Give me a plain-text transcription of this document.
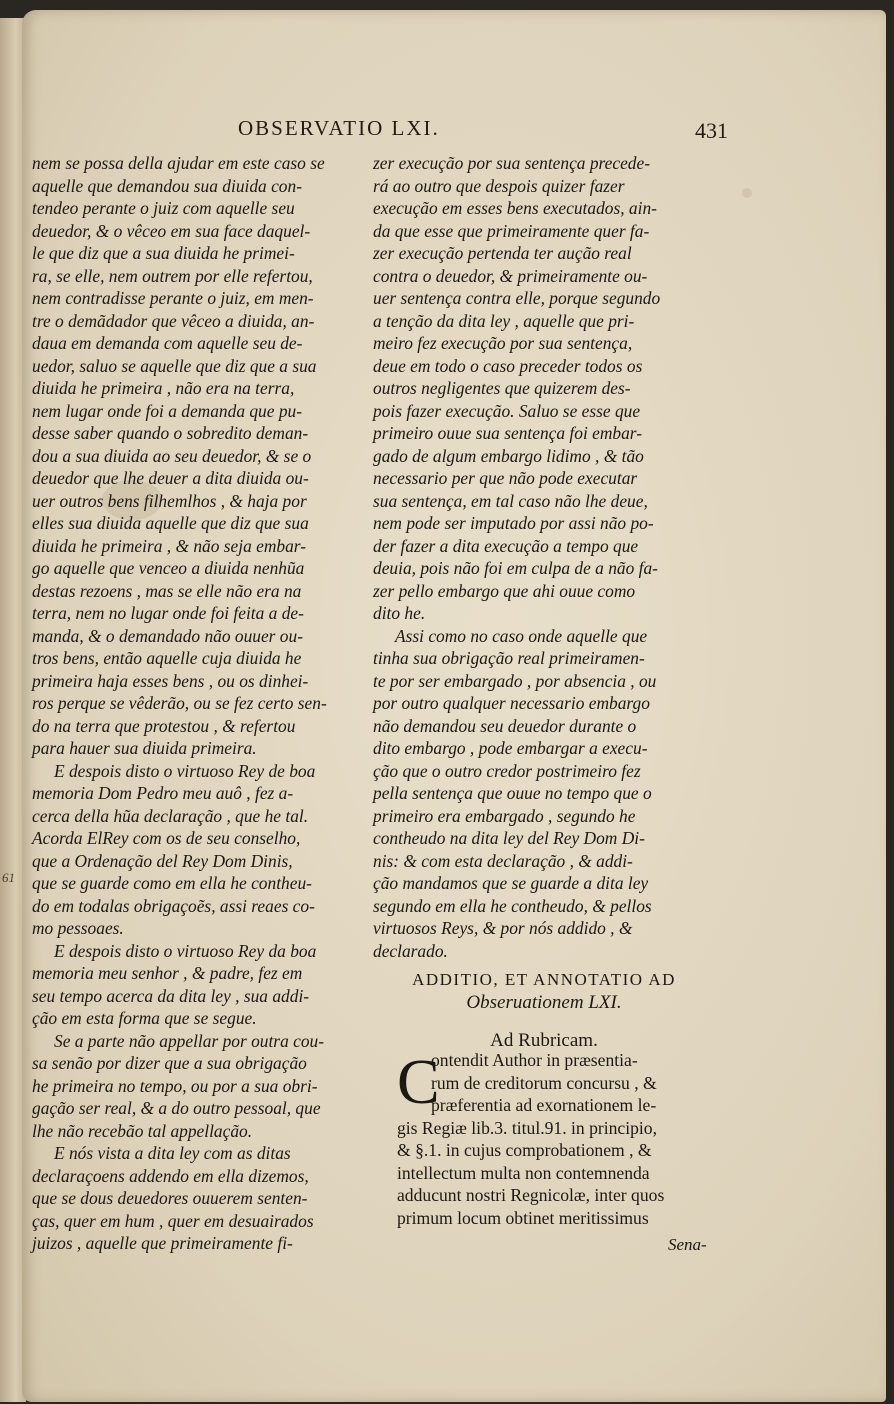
61
OBSERVATIO LXI.	431
nem se possa della ajudar em este caso se
aquelle que demandou sua diuida con-
tendeo perante o juiz com aquelle seu
deuedor, & o vêceo em sua face daquel-
le que diz que a sua diuida he primei-
ra, se elle, nem outrem por elle refertou,
nem contradisse perante o juiz, em men-
tre o demãdador que vêceo a diuida, an-
daua em demanda com aquelle seu de-
uedor, saluo se aquelle que diz que a sua
diuida he primeira , não era na terra,
nem lugar onde foi a demanda que pu-
desse saber quando o sobredito deman-
dou a sua diuida ao seu deuedor, & se o
deuedor que lhe deuer a dita diuida ou-
uer outros bens filhemlhos , & haja por
elles sua diuida aquelle que diz que sua
diuida he primeira , & não seja embar-
go aquelle que venceo a diuida nenhũa
destas rezoens , mas se elle não era na
terra, nem no lugar onde foi feita a de-
manda, & o demandado não ouuer ou-
tros bens, então aquelle cuja diuida he
primeira haja esses bens , ou os dinhei-
ros perque se vêderão, ou se fez certo sen-
do na terra que protestou , & refertou
para hauer sua diuida primeira.
E despois disto o virtuoso Rey de boa
memoria Dom Pedro meu auô , fez a-
cerca della hũa declaração , que he tal.
Acorda ElRey com os de seu conselho,
que a Ordenação del Rey Dom Dinis,
que se guarde como em ella he contheu-
do em todalas obrigaçoẽs, assi reaes co-
mo pessoaes.
E despois disto o virtuoso Rey da boa
memoria meu senhor , & padre, fez em
seu tempo acerca da dita ley , sua addi-
ção em esta forma que se segue.
Se a parte não appellar por outra cou-
sa senão por dizer que a sua obrigação
he primeira no tempo, ou por a sua obri-
gação ser real, & a do outro pessoal, que
lhe não recebão tal appellação.
E nós vista a dita ley com as ditas
declaraçoens addendo em ella dizemos,
que se dous deuedores ouuerem senten-
ças, quer em hum , quer em desuairados
juizos , aquelle que primeiramente fi-
zer execução por sua sentença precede-
rá ao outro que despois quizer fazer
execução em esses bens executados, ain-
da que esse que primeiramente quer fa-
zer execução pertenda ter aução real
contra o deuedor, & primeiramente ou-
uer sentença contra elle, porque segundo
a tenção da dita ley , aquelle que pri-
meiro fez execução por sua sentença,
deue em todo o caso preceder todos os
outros negligentes que quizerem des-
pois fazer execução. Saluo se esse que
primeiro ouue sua sentença foi embar-
gado de algum embargo lidimo , & tão
necessario per que não pode executar
sua sentença, em tal caso não lhe deue,
nem pode ser imputado por assi não po-
der fazer a dita execução a tempo que
deuia, pois não foi em culpa de a não fa-
zer pello embargo que ahi ouue como
dito he.
Assi como no caso onde aquelle que
tinha sua obrigação real primeiramen-
te por ser embargado , por absencia , ou
por outro qualquer necessario embargo
não demandou seu deuedor durante o
dito embargo , pode embargar a execu-
ção que o outro credor postrimeiro fez
pella sentença que ouue no tempo que o
primeiro era embargado , segundo he
contheudo na dita ley del Rey Dom Di-
nis: & com esta declaração , & addi-
ção mandamos que se guarde a dita ley
segundo em ella he contheudo, & pellos
virtuosos Reys, & por nós addido , &
declarado.
ADDITIO, ET ANNOTATIO AD
Obseruationem LXI.
Ad Rubricam.
C
ontendit Author in præsentia-
rum de creditorum concursu , &
præferentia ad exornationem le-
gis Regiæ lib.3. titul.91. in principio,
& §.1. in cujus comprobationem , &
intellectum multa non contemnenda
adducunt nostri Regnicolæ, inter quos
primum locum obtinet meritissimus
Sena-
